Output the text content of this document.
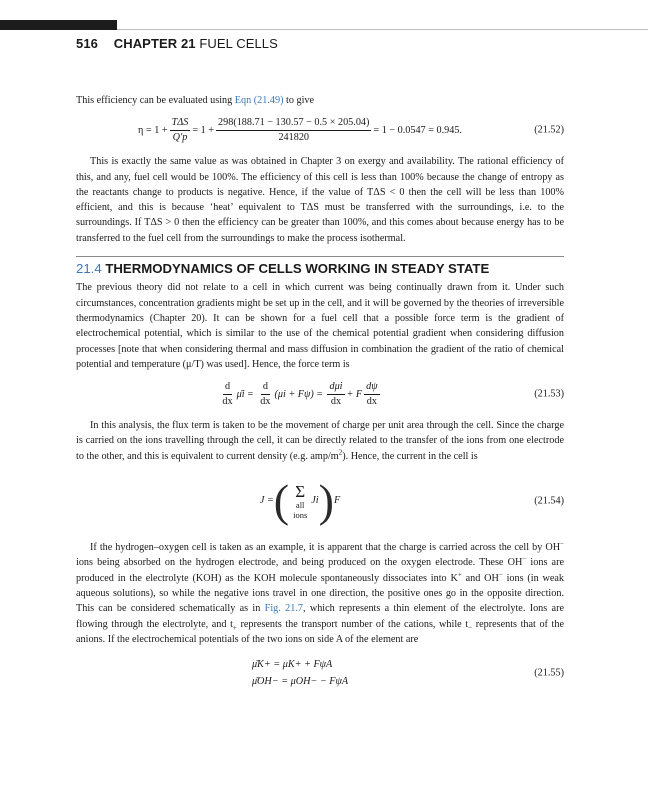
516 CHAPTER 21 FUEL CELLS

This efficiency can be evaluated using Eqn (21.49) to give

$\eta = 1 + \frac{\text{TΔS}}{Q'p} = 1 + \frac{298(188.71 - 130.57 - 0.5 \times 205.04)}{241820} = 1 - 0.0547 = 0.945$.	(21.52)

This is exactly the same value as was obtained in Chapter 3 on exergy and availability. The rational efficiency of this, and any, fuel cell would be 100%. The efficiency of this cell is less than 100% because the change of entropy as the reactants change to products is negative. Hence, if the value of TΔS < 0 then the cell will be less than 100% efficient, and this is because ‘heat’ equivalent to TΔS must be transferred with the surroundings, i.e. to the surroundings. If TΔS > 0 then the efficiency can be greater than 100%, and this comes about because energy has to be transferred to the fuel cell from the surroundings to make the process isothermal.

21.4 THERMODYNAMICS OF CELLS WORKING IN STEADY STATE

The previous theory did not relate to a cell in which current was being continually drawn from it. Under such circumstances, concentration gradients might be set up in the cell, and it will be governed by the theories of irreversible thermodynamics (Chapter 20). It can be shown for a fuel cell that a possible force term is the gradient of electrochemical potential, which is similar to the use of the chemical potential gradient when considering diffusion processes [note that when considering thermal and mass diffusion in combination the gradient of the ratio of chemical potential and temperature (μ/T) was used]. Hence, the force term is

$\frac{d}{dx}$ μ̄i = $\frac{d}{dx} (\mu i + F\psi) = \frac{\text{dμi}}{dx} + F \frac{d\psi}{dx}$	(21.53)

In this analysis, the flux term is taken to be the movement of charge per unit area through the cell. Since the charge is carried on the ions travelling through the cell, it can be directly related to the transfer of the ions from one electrode to the other, and this is equivalent to current density (e.g. amp/$m^2$). Hence, the current in the cell is

J = ( Σ
all
ions
Ji ) F	(21.54)

If the hydrogen–oxygen cell is taken as an example, it is apparent that the charge is carried across the cell by OH− ions being absorbed on the hydrogen electrode, and being produced on the oxygen electrode. These OH− ions are produced in the electrolyte (KOH) as the KOH molecule spontaneously dissociates into K+ and OH− ions (in weak aqueous solutions), so while the negative ions travel in one direction, the positive ones go in the opposite direction. This can be considered schematically as in Fig. 21.7, which represents a thin element of the electrolyte. Ions are flowing through the electrolyte, and $t_+$ represents the transport number of the cations, while $t_-$ represents that of the anions. If the electrochemical potentials of the two ions on side A of the element are

μ̄K+ = μK+ + FψA
μ̄OH− = μOH− − FψA
(21.55)
